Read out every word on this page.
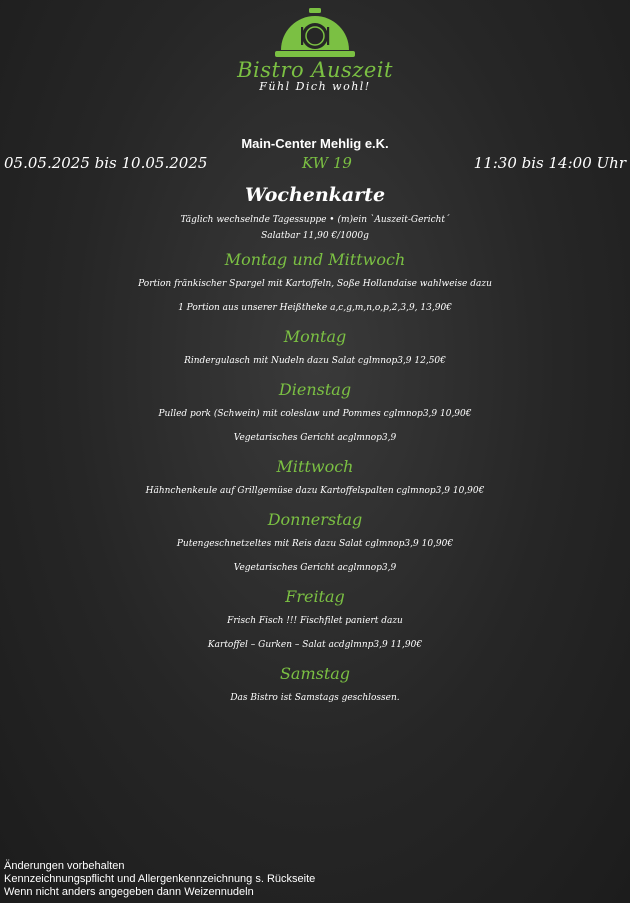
Bistro Auszeit
Fühl Dich wohl!
Main-Center Mehlig e.K.
05.05.2025 bis 10.05.2025	KW 19	11:30 bis 14:00 Uhr
Wochenkarte
Täglich wechselnde Tagessuppe • (m)ein `Auszeit-Gericht´
Salatbar 11,90 €/1000g
Montag und Mittwoch
Portion fränkischer Spargel mit Kartoffeln, Soße Hollandaise wahlweise dazu
1 Portion aus unserer Heißtheke a,c,g,m,n,o,p,2,3,9, 13,90€
Montag
Rindergulasch mit Nudeln dazu Salat cglmnop3,9 12,50€
Dienstag
Pulled pork (Schwein) mit coleslaw und Pommes cglmnop3,9 10,90€
Vegetarisches Gericht acglmnop3,9
Mittwoch
Hähnchenkeule auf Grillgemüse dazu Kartoffelspalten cglmnop3,9 10,90€
Donnerstag
Putengeschnetzeltes mit Reis dazu Salat cglmnop3,9 10,90€
Vegetarisches Gericht acglmnop3,9
Freitag
Frisch Fisch !!! Fischfilet paniert dazu
Kartoffel – Gurken – Salat acdglmnp3,9 11,90€
Samstag
Das Bistro ist Samstags geschlossen.
Änderungen vorbehalten
Kennzeichnungspflicht und Allergenkennzeichnung s. Rückseite
Wenn nicht anders angegeben dann Weizennudeln
